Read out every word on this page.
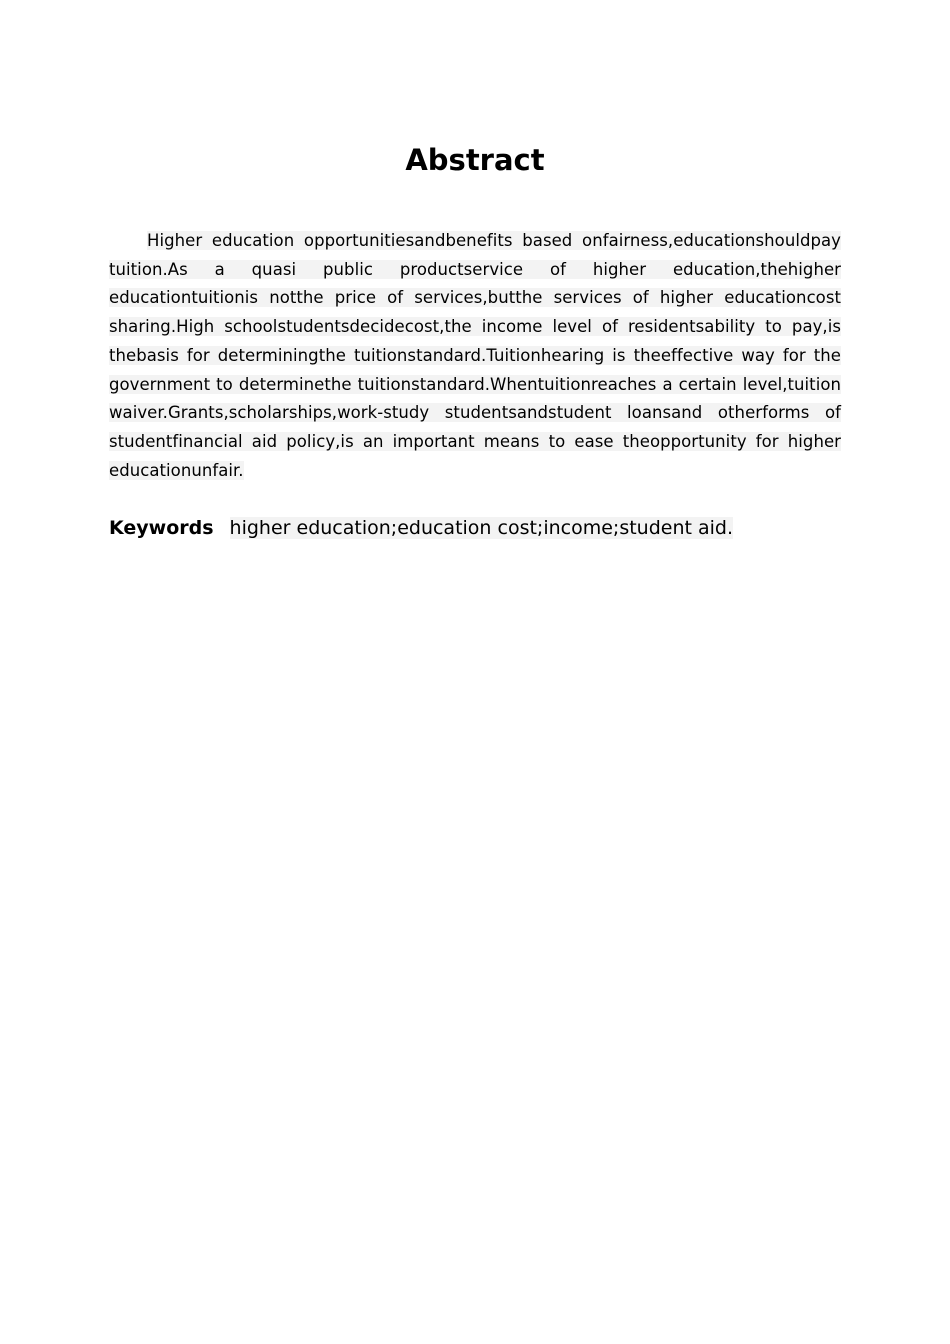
Abstract

Higher education opportunitiesandbenefits based onfairness,educationshouldpay tuition.As a quasi public productservice of higher education,thehigher educationtuitionis notthe price of services,butthe services of higher educationcost sharing.High schoolstudentsdecidecost,the income level of residentsability to pay,is thebasis for determiningthe tuitionstandard.Tuitionhearing is theeffective way for the government to determinethe tuitionstandard.Whentuitionreaches a certain level,tuition waiver.Grants,scholarships,work-study studentsandstudent loansand otherforms of studentfinancial aid policy,is an important means to ease theopportunity for higher educationunfair.

Keywords higher education;education cost;income;student aid.
